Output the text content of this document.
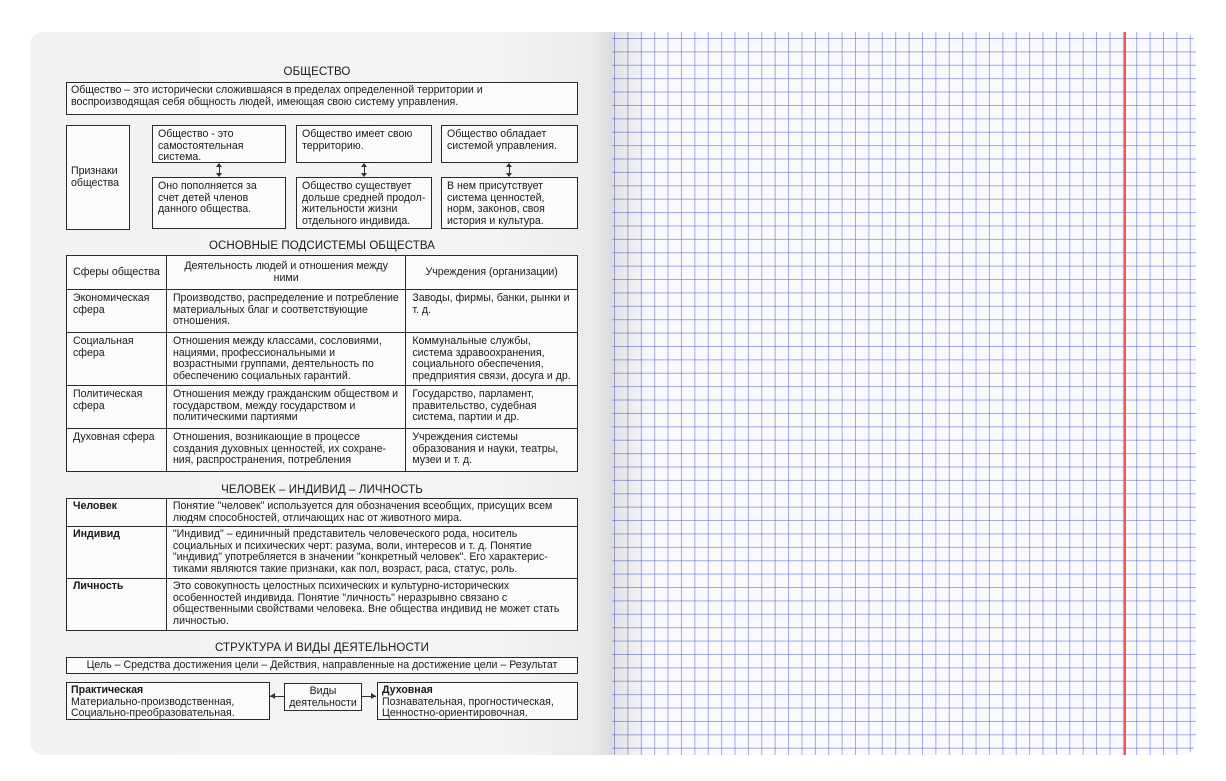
ОБЩЕСТВО
Общество – это исторически сложившаяся в пределах определенной территории и воспроизводящая себя общность людей, имеющая свою систему управления.
Признаки общества
Общество - это самостоятельная система.
Общество имеет свою территорию.
Общество обладает системой управления.
Оно пополняется за счет детей членов данного общества.
Общество существует дольше средней продол-жительности жизни отдельного индивида.
В нем присутствует система ценностей, норм, законов, своя история и культура.
ОСНОВНЫЕ ПОДСИСТЕМЫ ОБЩЕСТВА
Сферы общества	Деятельность людей и отношения между ними	Учреждения (организации)
Экономическая сфера	Производство, распределение и потребление материальных благ и соответствующие отношения.	Заводы, фирмы, банки, рынки и т. д.
Социальная сфера	Отношения между классами, сословиями, нациями, профессиональными и возрастными группами, деятельность по обеспечению социальных гарантий.	Коммунальные службы, система здравоохранения, социального обеспечения, предприятия связи, досуга и др.
Политическая сфера	Отношения между гражданским обществом и государством, между государством и политическими партиями	Государство, парламент, правительство, судебная система, партии и др.
Духовная сфера	Отношения, возникающие в процессе создания духовных ценностей, их сохране-ния, распространения, потребления	Учреждения системы образования и науки, театры, музеи и т. д.
ЧЕЛОВЕК – ИНДИВИД – ЛИЧНОСТЬ
Человек	Понятие "человек" используется для обозначения всеобщих, присущих всем людям способностей, отличающих нас от животного мира.
Индивид	"Индивид" – единичный представитель человеческого рода, носитель социальных и психических черт: разума, воли, интересов и т. д. Понятие "индивид" употребляется в значении "конкретный человек". Его характерис-тиками являются такие признаки, как пол, возраст, раса, статус, роль.
Личность	Это совокупность целостных психических и культурно-исторических особенностей индивида. Понятие "личность" неразрывно связано с общественными свойствами человека. Вне общества индивид не может стать личностью.
СТРУКТУРА И ВИДЫ ДЕЯТЕЛЬНОСТИ
Цель – Средства достижения цели – Действия, направленные на достижение цели – Результат
Практическая
Материально-производственная, Социально-преобразовательная.
Виды деятельности
Духовная
Познавательная, прогностическая, Ценностно-ориентировочная.
